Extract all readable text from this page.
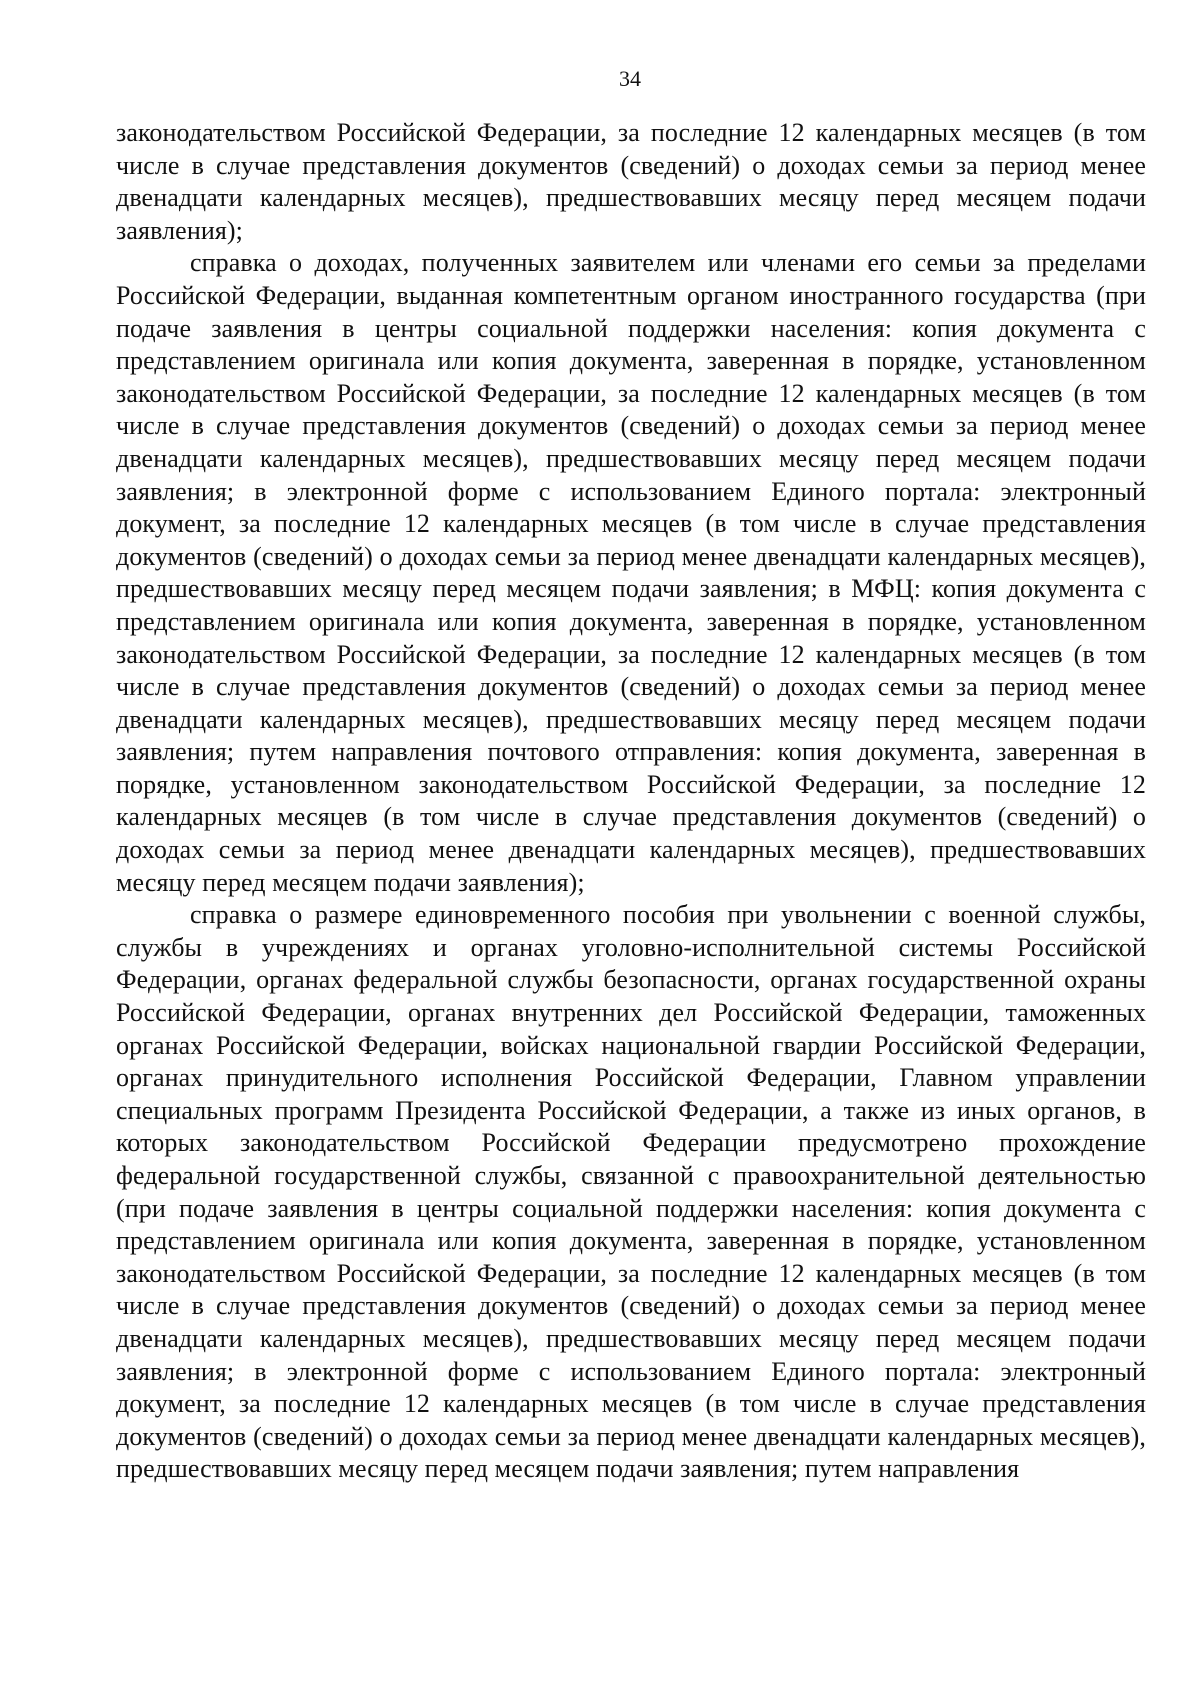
34

законодательством Российской Федерации, за последние 12 календарных месяцев (в том числе в случае представления документов (сведений) о доходах семьи за период менее двенадцати календарных месяцев), предшествовавших месяцу перед месяцем подачи заявления);

справка о доходах, полученных заявителем или членами его семьи за пределами Российской Федерации, выданная компетентным органом иностранного государства (при подаче заявления в центры социальной поддержки населения: копия документа с представлением оригинала или копия документа, заверенная в порядке, установленном законодательством Российской Федерации, за последние 12 календарных месяцев (в том числе в случае представления документов (сведений) о доходах семьи за период менее двенадцати календарных месяцев), предшествовавших месяцу перед месяцем подачи заявления; в электронной форме с использованием Единого портала: электронный документ, за последние 12 календарных месяцев (в том числе в случае представления документов (сведений) о доходах семьи за период менее двенадцати календарных месяцев), предшествовавших месяцу перед месяцем подачи заявления; в МФЦ: копия документа с представлением оригинала или копия документа, заверенная в порядке, установленном законодательством Российской Федерации, за последние 12 календарных месяцев (в том числе в случае представления документов (сведений) о доходах семьи за период менее двенадцати календарных месяцев), предшествовавших месяцу перед месяцем подачи заявления; путем направления почтового отправления: копия документа, заверенная в порядке, установленном законодательством Российской Федерации, за последние 12 календарных месяцев (в том числе в случае представления документов (сведений) о доходах семьи за период менее двенадцати календарных месяцев), предшествовавших месяцу перед месяцем подачи заявления);

справка о размере единовременного пособия при увольнении с военной службы, службы в учреждениях и органах уголовно-исполнительной системы Российской Федерации, органах федеральной службы безопасности, органах государственной охраны Российской Федерации, органах внутренних дел Российской Федерации, таможенных органах Российской Федерации, войсках национальной гвардии Российской Федерации, органах принудительного исполнения Российской Федерации, Главном управлении специальных программ Президента Российской Федерации, а также из иных органов, в которых законодательством Российской Федерации предусмотрено прохождение федеральной государственной службы, связанной с правоохранительной деятельностью (при подаче заявления в центры социальной поддержки населения: копия документа с представлением оригинала или копия документа, заверенная в порядке, установленном законодательством Российской Федерации, за последние 12 календарных месяцев (в том числе в случае представления документов (сведений) о доходах семьи за период менее двенадцати календарных месяцев), предшествовавших месяцу перед месяцем подачи заявления; в электронной форме с использованием Единого портала: электронный документ, за последние 12 календарных месяцев (в том числе в случае представления документов (сведений) о доходах семьи за период менее двенадцати календарных месяцев), предшествовавших месяцу перед месяцем подачи заявления; путем направления
